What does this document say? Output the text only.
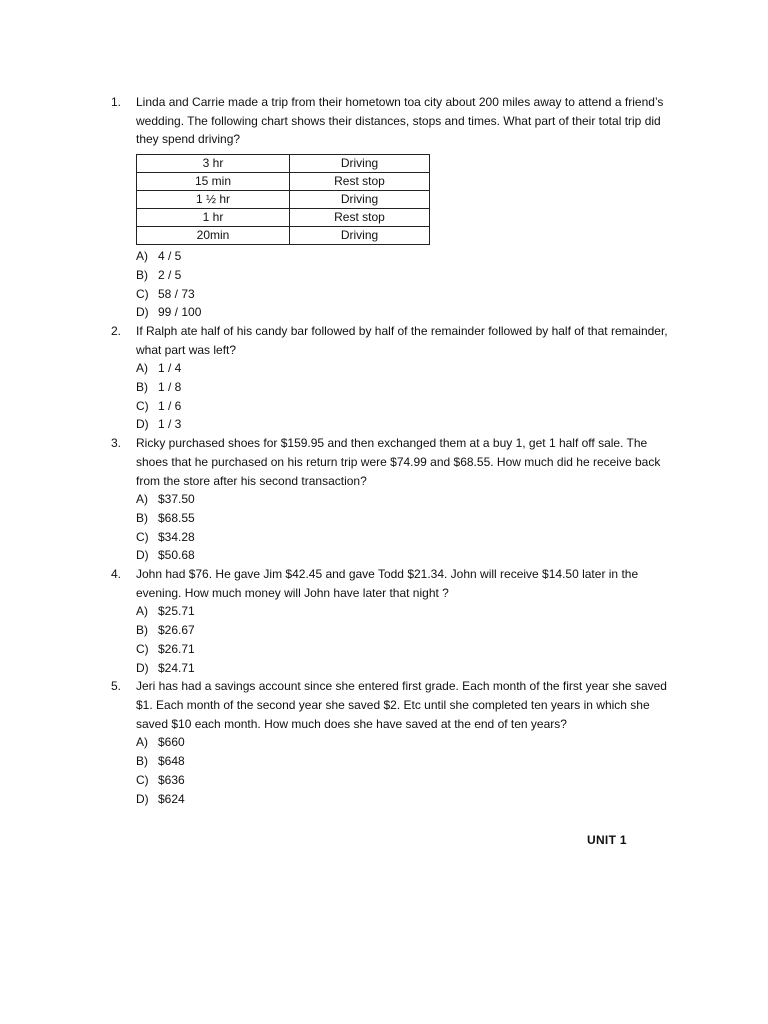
1. Linda and Carrie made a trip from their hometown toa city about 200 miles away to attend a friend’s wedding. The following chart shows their distances, stops and times. What part of their total trip did they spend driving?

3 hr	Driving
15 min	Rest stop
1 ½ hr	Driving
1 hr	Rest stop
20min	Driving
A) 4 / 5
B) 2 / 5
C) 58 / 73
D) 99 / 100
2. If Ralph ate half of his candy bar followed by half of the remainder followed by half of that remainder, what part was left?

A) 1 / 4
B) 1 / 8
C) 1 / 6
D) 1 / 3
3. Ricky purchased shoes for $159.95 and then exchanged them at a buy 1, get 1 half off sale. The shoes that he purchased on his return trip were $74.99 and $68.55. How much did he receive back from the store after his second transaction?

A) $37.50
B) $68.55
C) $34.28
D) $50.68
4. John had $76. He gave Jim $42.45 and gave Todd $21.34. John will receive $14.50 later in the evening. How much money will John have later that night ?

A) $25.71
B) $26.67
C) $26.71
D) $24.71
5. Jeri has had a savings account since she entered first grade. Each month of the first year she saved $1. Each month of the second year she saved $2. Etc until she completed ten years in which she saved $10 each month. How much does she have saved at the end of ten years?

A) $660
B) $648
C) $636
D) $624
UNIT 1
